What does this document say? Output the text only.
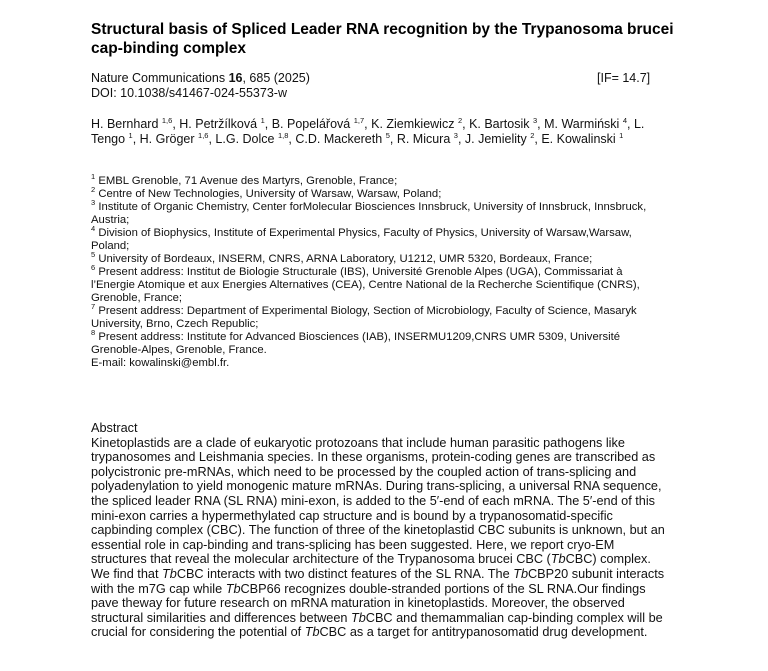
Structural basis of Spliced Leader RNA recognition by the Trypanosoma brucei
cap-binding complex
Nature Communications 16, 685 (2025)	[IF= 14.7]
DOI: 10.1038/s41467-024-55373-w
H. Bernhard $^{1,6}$, H. Petržílková $^1$, B. Popelářová $^{1,7}$, K. Ziemkiewicz $^2$, K. Bartosik $^3$, M. Warmiński $^4$, L.
Tengo $^1$, H. Gröger $^{1,6}$, L.G. Dolce $^{1,8}$, C.D. Mackereth $^5$, R. Micura $^3$, J. Jemielity $^2$, E. Kowalinski $^1$
$^1$ EMBL Grenoble, 71 Avenue des Martyrs, Grenoble, France;
$^2$ Centre of New Technologies, University of Warsaw, Warsaw, Poland;
$^3$ Institute of Organic Chemistry, Center forMolecular Biosciences Innsbruck, University of Innsbruck, Innsbruck,
Austria;
$^4$ Division of Biophysics, Institute of Experimental Physics, Faculty of Physics, University of Warsaw,Warsaw,
Poland;
$^5$ University of Bordeaux, INSERM, CNRS, ARNA Laboratory, U1212, UMR 5320, Bordeaux, France;
$^6$ Present address: Institut de Biologie Structurale (IBS), Université Grenoble Alpes (UGA), Commissariat à
l’Energie Atomique et aux Energies Alternatives (CEA), Centre National de la Recherche Scientifique (CNRS),
Grenoble, France;
$^7$ Present address: Department of Experimental Biology, Section of Microbiology, Faculty of Science, Masaryk
University, Brno, Czech Republic;
$^8$ Present address: Institute for Advanced Biosciences (IAB), INSERMU1209,CNRS UMR 5309, Université
Grenoble-Alpes, Grenoble, France.
E-mail: kowalinski@embl.fr.
Abstract
Kinetoplastids are a clade of eukaryotic protozoans that include human parasitic pathogens like
trypanosomes and Leishmania species. In these organisms, protein-coding genes are transcribed as
polycistronic pre-mRNAs, which need to be processed by the coupled action of trans-splicing and
polyadenylation to yield monogenic mature mRNAs. During trans-splicing, a universal RNA sequence,
the spliced leader RNA (SL RNA) mini-exon, is added to the 5′-end of each mRNA. The 5′-end of this
mini-exon carries a hypermethylated cap structure and is bound by a trypanosomatid-specific
capbinding complex (CBC). The function of three of the kinetoplastid CBC subunits is unknown, but an
essential role in cap-binding and trans-splicing has been suggested. Here, we report cryo-EM
structures that reveal the molecular architecture of the Trypanosoma brucei CBC (TbCBC) complex.
We find that TbCBC interacts with two distinct features of the SL RNA. The TbCBP20 subunit interacts
with the m7G cap while TbCBP66 recognizes double-stranded portions of the SL RNA.Our findings
pave theway for future research on mRNA maturation in kinetoplastids. Moreover, the observed
structural similarities and differences between TbCBC and themammalian cap-binding complex will be
crucial for considering the potential of TbCBC as a target for antitrypanosomatid drug development.
